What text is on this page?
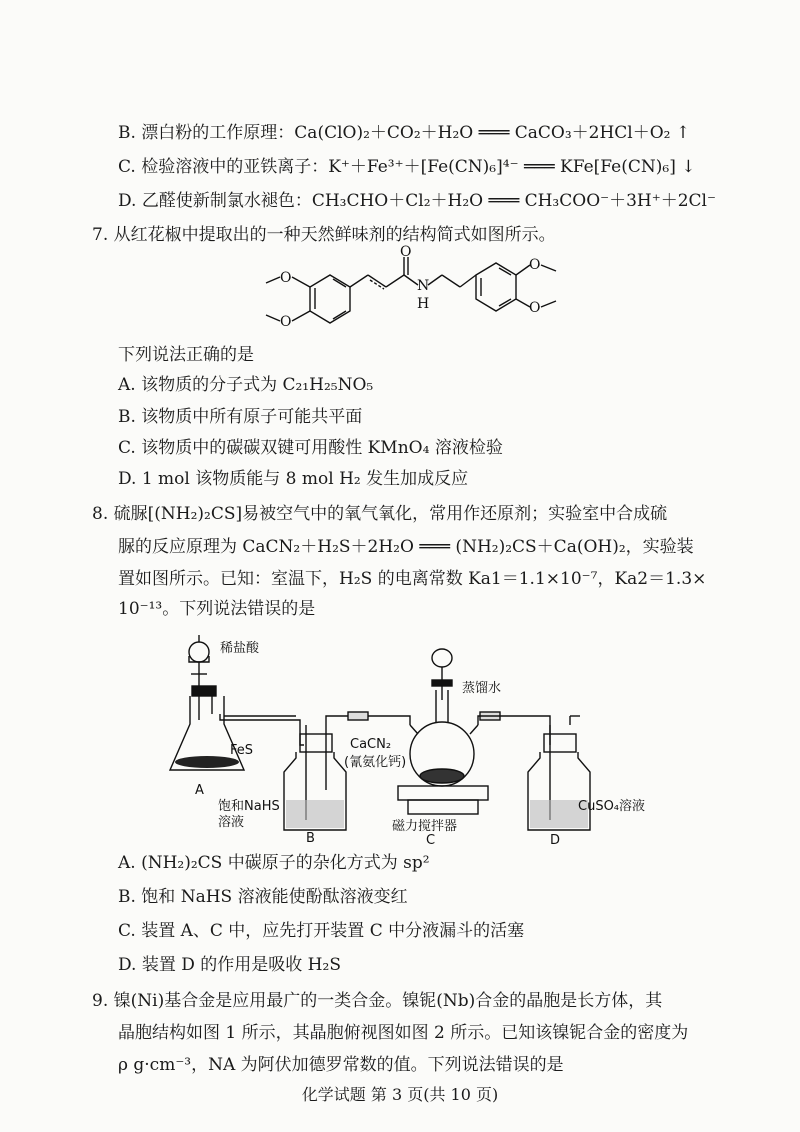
B. 漂白粉的工作原理：Ca(ClO)₂＋CO₂＋H₂O ═══ CaCO₃＋2HCl＋O₂ ↑
C. 检验溶液中的亚铁离子：K⁺＋Fe³⁺＋[Fe(CN)₆]⁴⁻ ═══ KFe[Fe(CN)₆] ↓
D. 乙醛使新制氯水褪色：CH₃CHO＋Cl₂＋H₂O ═══ CH₃COO⁻＋3H⁺＋2Cl⁻
7. 从红花椒中提取出的一种天然鲜味剂的结构简式如图所示。
O
O
O
N
H
O
O
下列说法正确的是
A. 该物质的分子式为 C₂₁H₂₅NO₅
B. 该物质中所有原子可能共平面
C. 该物质中的碳碳双键可用酸性 KMnO₄ 溶液检验
D. 1 mol 该物质能与 8 mol H₂ 发生加成反应
8. 硫脲[(NH₂)₂CS]易被空气中的氧气氧化，常用作还原剂；实验室中合成硫
脲的反应原理为 CaCN₂＋H₂S＋2H₂O ═══ (NH₂)₂CS＋Ca(OH)₂，实验装
置如图所示。已知：室温下，H₂S 的电离常数 Ka1＝1.1×10⁻⁷，Ka2＝1.3×
10⁻¹³。下列说法错误的是
稀盐酸
FeS
A
饱和NaHS
溶液
B
CaCN₂
(氰氨化钙)
蒸馏水
磁力搅拌器
C
CuSO₄溶液
D
A. (NH₂)₂CS 中碳原子的杂化方式为 sp²
B. 饱和 NaHS 溶液能使酚酞溶液变红
C. 装置 A、C 中，应先打开装置 C 中分液漏斗的活塞
D. 装置 D 的作用是吸收 H₂S
9. 镍(Ni)基合金是应用最广的一类合金。镍铌(Nb)合金的晶胞是长方体，其
晶胞结构如图 1 所示，其晶胞俯视图如图 2 所示。已知该镍铌合金的密度为
ρ g·cm⁻³，NA 为阿伏加德罗常数的值。下列说法错误的是
化学试题 第 3 页(共 10 页)
